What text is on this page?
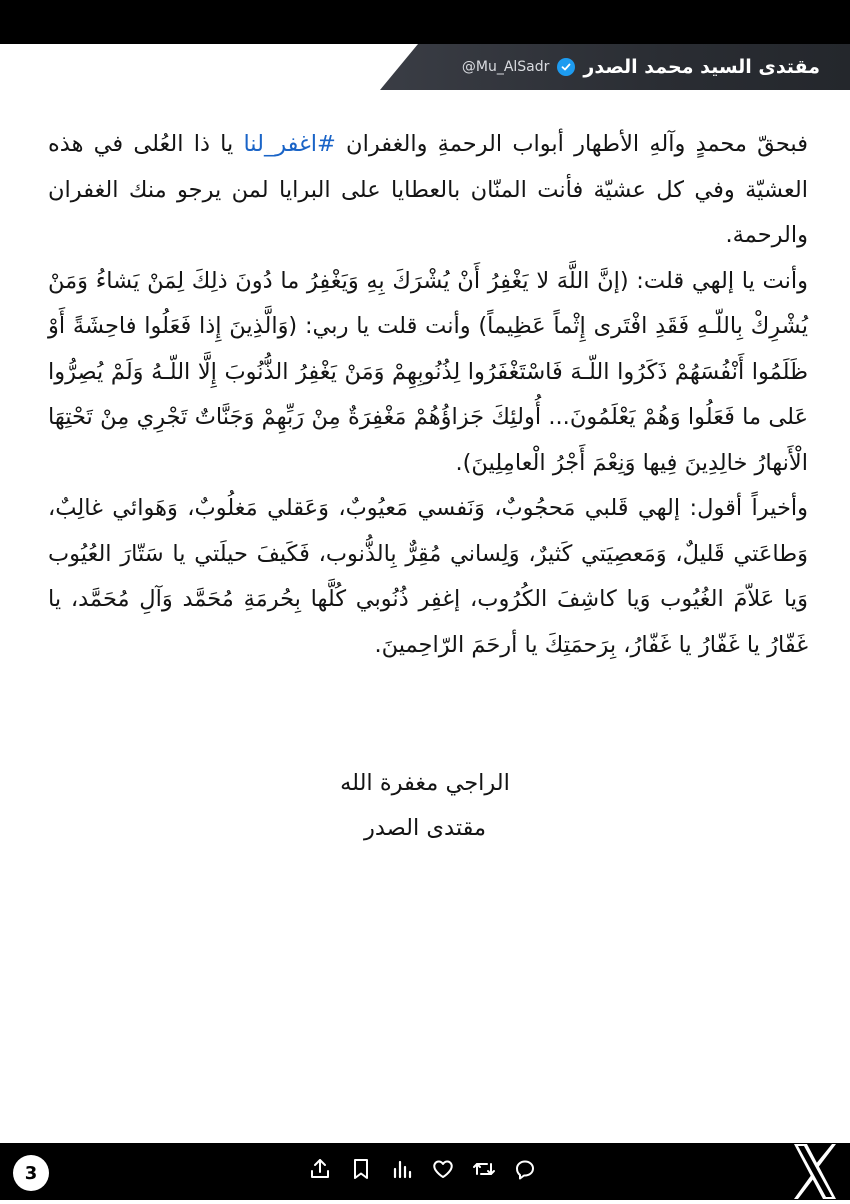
مقتدى السيد محمد الصدر
@Mu_AlSadr

فبحقّ محمدٍ وآلهِ الأطهار أبواب الرحمةِ والغفران #اغفر_لنا يا ذا العُلى في هذه العشيّة وفي كل عشيّة فأنت المنّان بالعطايا على البرايا لمن يرجو منك الغفران والرحمة.

وأنت يا إلهي قلت: (إنَّ اللَّهَ لا يَغْفِرُ أَنْ يُشْرَكَ بِهِ وَيَغْفِرُ ما دُونَ ذلِكَ لِمَنْ يَشاءُ وَمَنْ يُشْرِكْ بِاللّـهِ فَقَدِ افْتَرى إِثْماً عَظِيماً) وأنت قلت يا ربي: (وَالَّذِينَ إِذا فَعَلُوا فاحِشَةً أَوْ ظَلَمُوا أَنْفُسَهُمْ ذَكَرُوا اللّـهَ فَاسْتَغْفَرُوا لِذُنُوبِهِمْ وَمَنْ يَغْفِرُ الذُّنُوبَ إِلَّا اللّـهُ وَلَمْ يُصِرُّوا عَلى ما فَعَلُوا وَهُمْ يَعْلَمُونَ... أُولئِكَ جَزاؤُهُمْ مَغْفِرَةٌ مِنْ رَبِّهِمْ وَجَنَّاتٌ تَجْرِي مِنْ تَحْتِهَا الْأَنهارُ خالِدِينَ فِيها وَنِعْمَ أَجْرُ الْعامِلِينَ).

وأخيراً أقول: إلهي قَلبي مَحجُوبٌ، وَنَفسي مَعيُوبٌ، وَعَقلي مَغلُوبٌ، وَهَوائي غالِبٌ، وَطاعَتي قَليلٌ، وَمَعصِيَتي كَثيرٌ، وَلِساني مُقِرٌّ بِالذُّنوب، فَكَيفَ حيلَتي يا سَتّارَ العُيُوب وَيا عَلاّمَ الغُيُوب وَيا كاشِفَ الكُرُوب، إغفِر ذُنُوبي كُلَّها بِحُرمَةِ مُحَمَّد وَآلِ مُحَمَّد، يا غَفّارُ يا غَفّارُ يا غَفّارُ، بِرَحمَتِكَ يا أرحَمَ الرّاحِمينَ.

الراجي مغفرة الله
مقتدى الصدر
3
